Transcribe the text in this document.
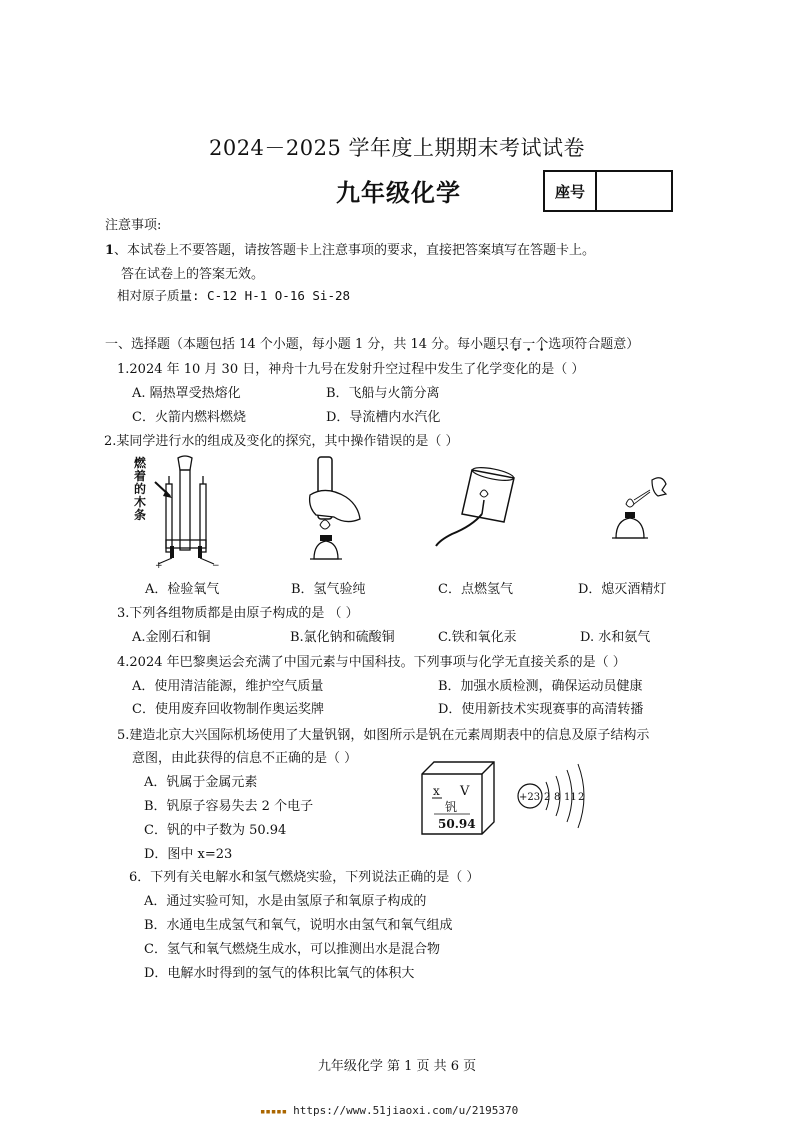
2024－2025 学年度上期期末考试试卷
九年级化学	座号
注意事项:
1、本试卷上不要答题，请按答题卡上注意事项的要求，直接把答案填写在答题卡上。
答在试卷上的答案无效。
相对原子质量: C-12 H-1 O-16 Si-28
一、选择题（本题包括 14 个小题，每小题 1 分，共 14 分。每小题只有一个选项符合题意）
1.2024 年 10 月 30 日，神舟十九号在发射升空过程中发生了化学变化的是（ ）
A. 隔热罩受热熔化	B．飞船与火箭分离
C．火箭内燃料燃烧	D．导流槽内水汽化
2.某同学进行水的组成及变化的探究，其中操作错误的是（ ）
+	−
燃着的木条
A．检验氧气	B．氢气验纯	C．点燃氢气	D．熄灭酒精灯
3.下列各组物质都是由原子构成的是 （ ）
A.金刚石和铜	B.氯化钠和硫酸铜	C.铁和氧化汞	D. 水和氨气
4.2024 年巴黎奥运会充满了中国元素与中国科技。下列事项与化学无直接关系的是（ ）
A．使用清洁能源，维护空气质量	B．加强水质检测，确保运动员健康
C．使用废弃回收物制作奥运奖牌	D．使用新技术实现赛事的高清转播
5.建造北京大兴国际机场使用了大量钒钢，如图所示是钒在元素周期表中的信息及原子结构示
意图，由此获得的信息不正确的是（ ）
A．钒属于金属元素
B．钒原子容易失去 2 个电子
C．钒的中子数为 50.94
D．图中 x=23
x V
钒
50.94
+23 2 8 11 2
6．下列有关电解水和氢气燃烧实验，下列说法正确的是（ ）
A．通过实验可知，水是由氢原子和氧原子构成的
B．水通电生成氢气和氧气，说明水由氢气和氧气组成
C．氢气和氧气燃烧生成水，可以推测出水是混合物
D．电解水时得到的氢气的体积比氧气的体积大
九年级化学 第 1 页 共 6 页
▪▪▪▪▪ https://www.51jiaoxi.com/u/2195370
